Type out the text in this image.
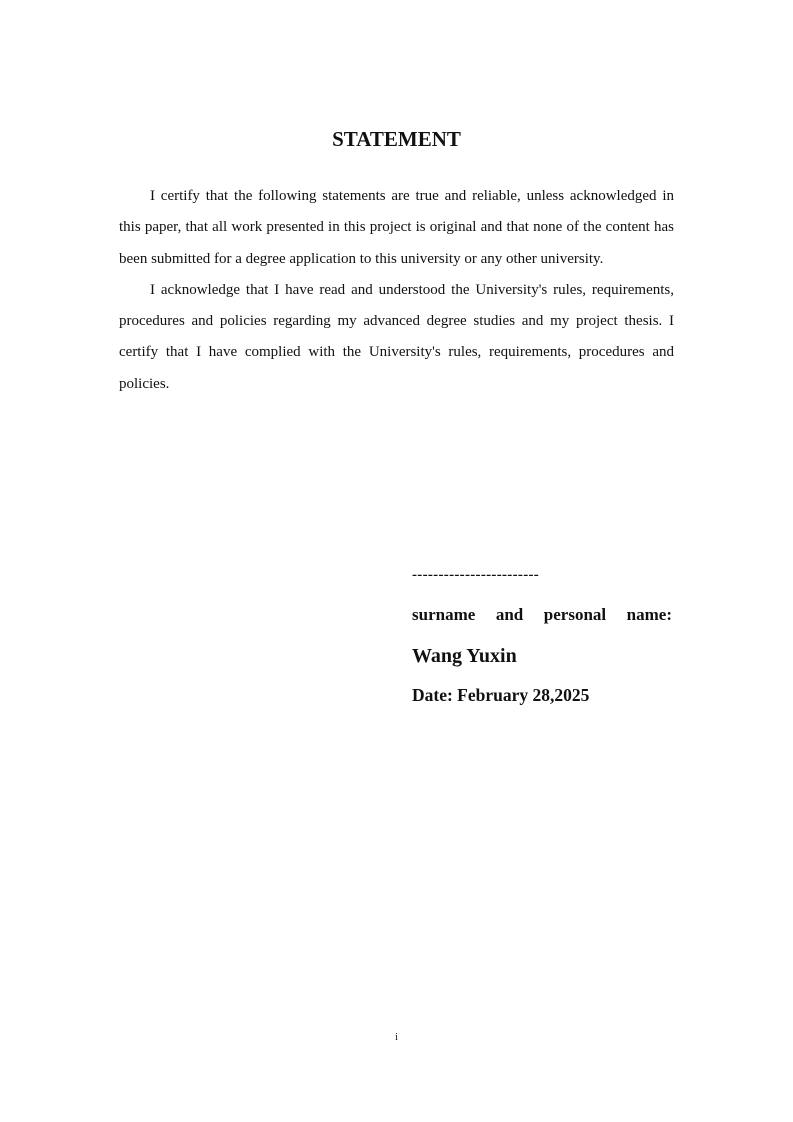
STATEMENT

I certify that the following statements are true and reliable, unless acknowledged in this paper, that all work presented in this project is original and that none of the content has been submitted for a degree application to this university or any other university.

I acknowledge that I have read and understood the University's rules, requirements, procedures and policies regarding my advanced degree studies and my project thesis. I certify that I have complied with the University's rules, requirements, procedures and policies.

------------------------
surname and personal name:
Wang Yuxin
Date: February 28,2025
i
